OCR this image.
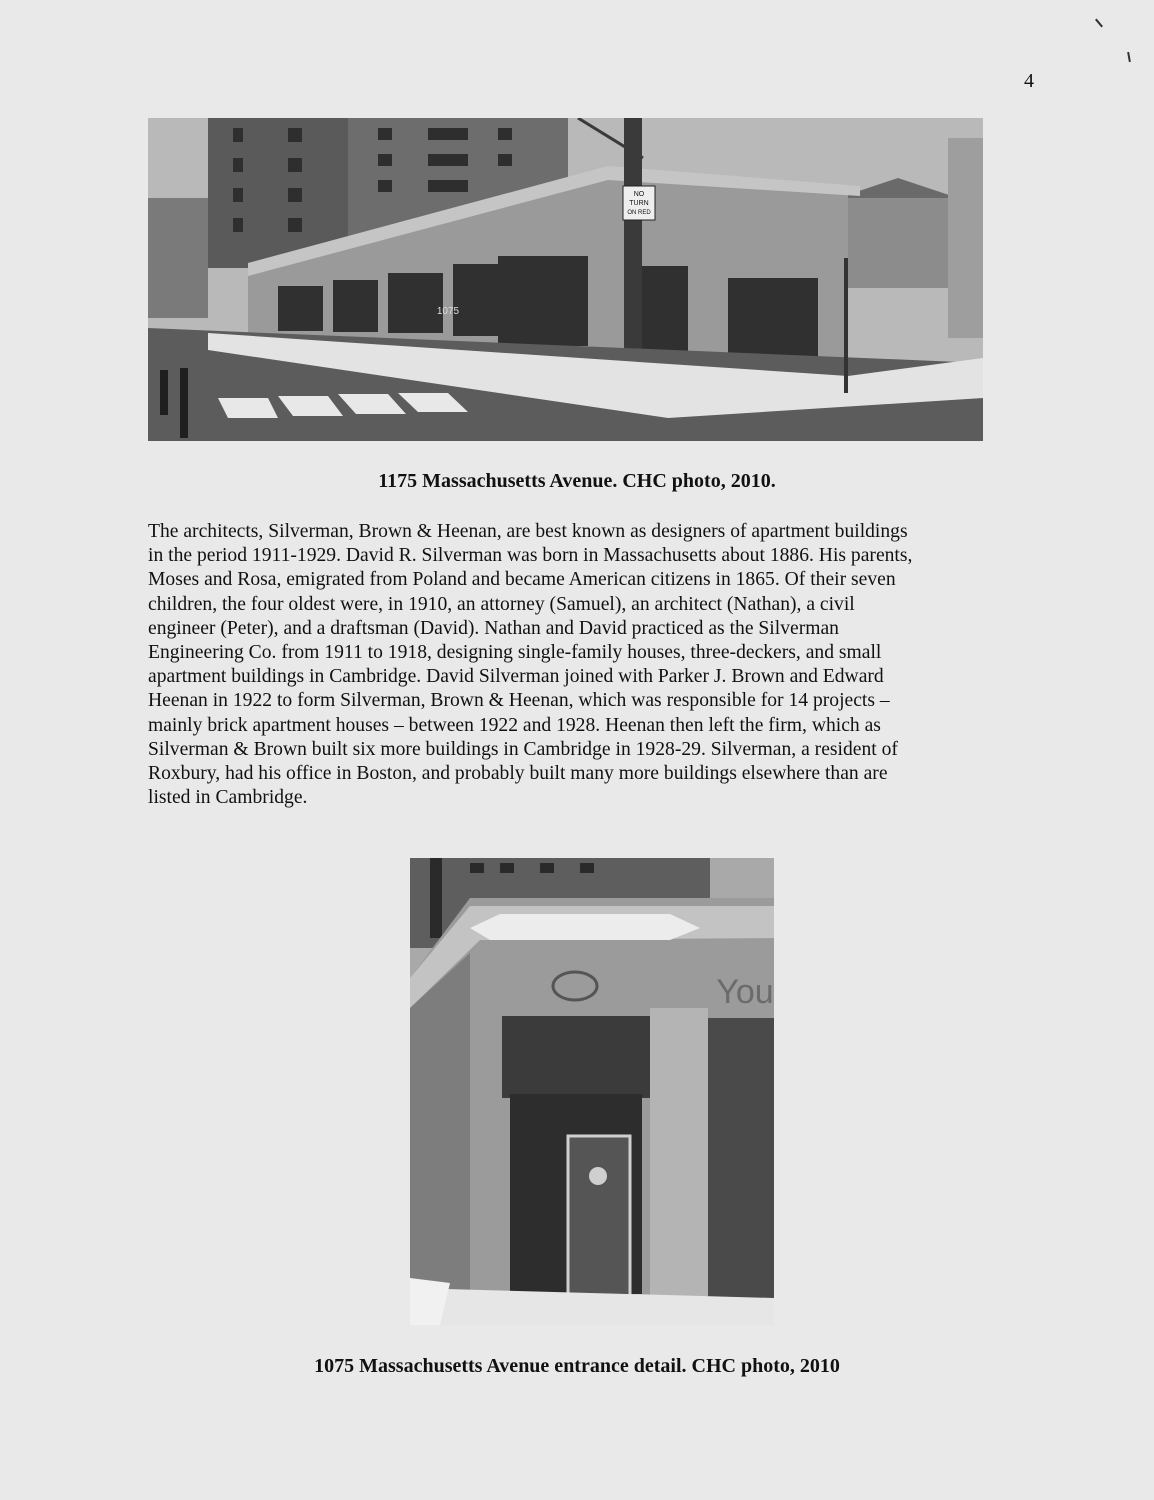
4
NO
TURN
ON RED
1075
1175 Massachusetts Avenue. CHC photo, 2010.

The architects, Silverman, Brown & Heenan, are best known as designers of apartment buildings
in the period 1911-1929. David R. Silverman was born in Massachusetts about 1886. His parents,
Moses and Rosa, emigrated from Poland and became American citizens in 1865. Of their seven
children, the four oldest were, in 1910, an attorney (Samuel), an architect (Nathan), a civil
engineer (Peter), and a draftsman (David). Nathan and David practiced as the Silverman
Engineering Co. from 1911 to 1918, designing single-family houses, three-deckers, and small
apartment buildings in Cambridge. David Silverman joined with Parker J. Brown and Edward
Heenan in 1922 to form Silverman, Brown & Heenan, which was responsible for 14 projects –
mainly brick apartment houses – between 1922 and 1928. Heenan then left the firm, which as
Silverman & Brown built six more buildings in Cambridge in 1928-29. Silverman, a resident of
Roxbury, had his office in Boston, and probably built many more buildings elsewhere than are
listed in Cambridge.

You
1075 Massachusetts Avenue entrance detail. CHC photo, 2010
